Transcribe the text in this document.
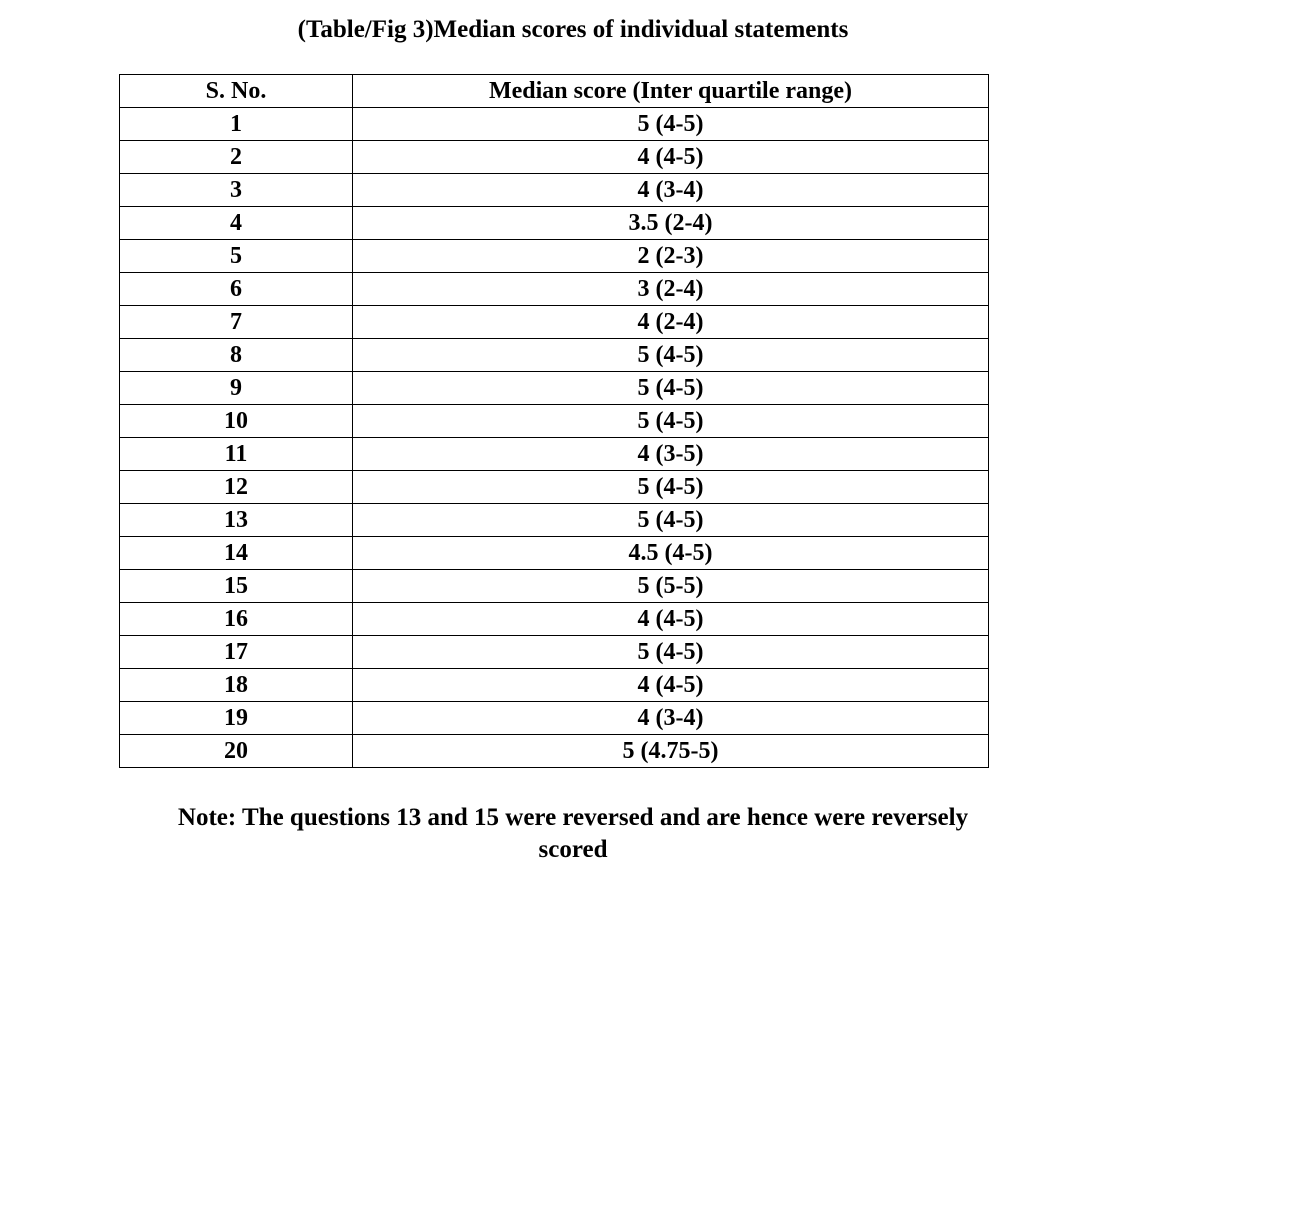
(Table/Fig 3)Median scores of individual statements
S. No.	Median score (Inter quartile range)
1	5 (4-5)
2	4 (4-5)
3	4 (3-4)
4	3.5 (2-4)
5	2 (2-3)
6	3 (2-4)
7	4 (2-4)
8	5 (4-5)
9	5 (4-5)
10	5 (4-5)
11	4 (3-5)
12	5 (4-5)
13	5 (4-5)
14	4.5 (4-5)
15	5 (5-5)
16	4 (4-5)
17	5 (4-5)
18	4 (4-5)
19	4 (3-4)
20	5 (4.75-5)
Note: The questions 13 and 15 were reversed and are hence were reversely
scored
